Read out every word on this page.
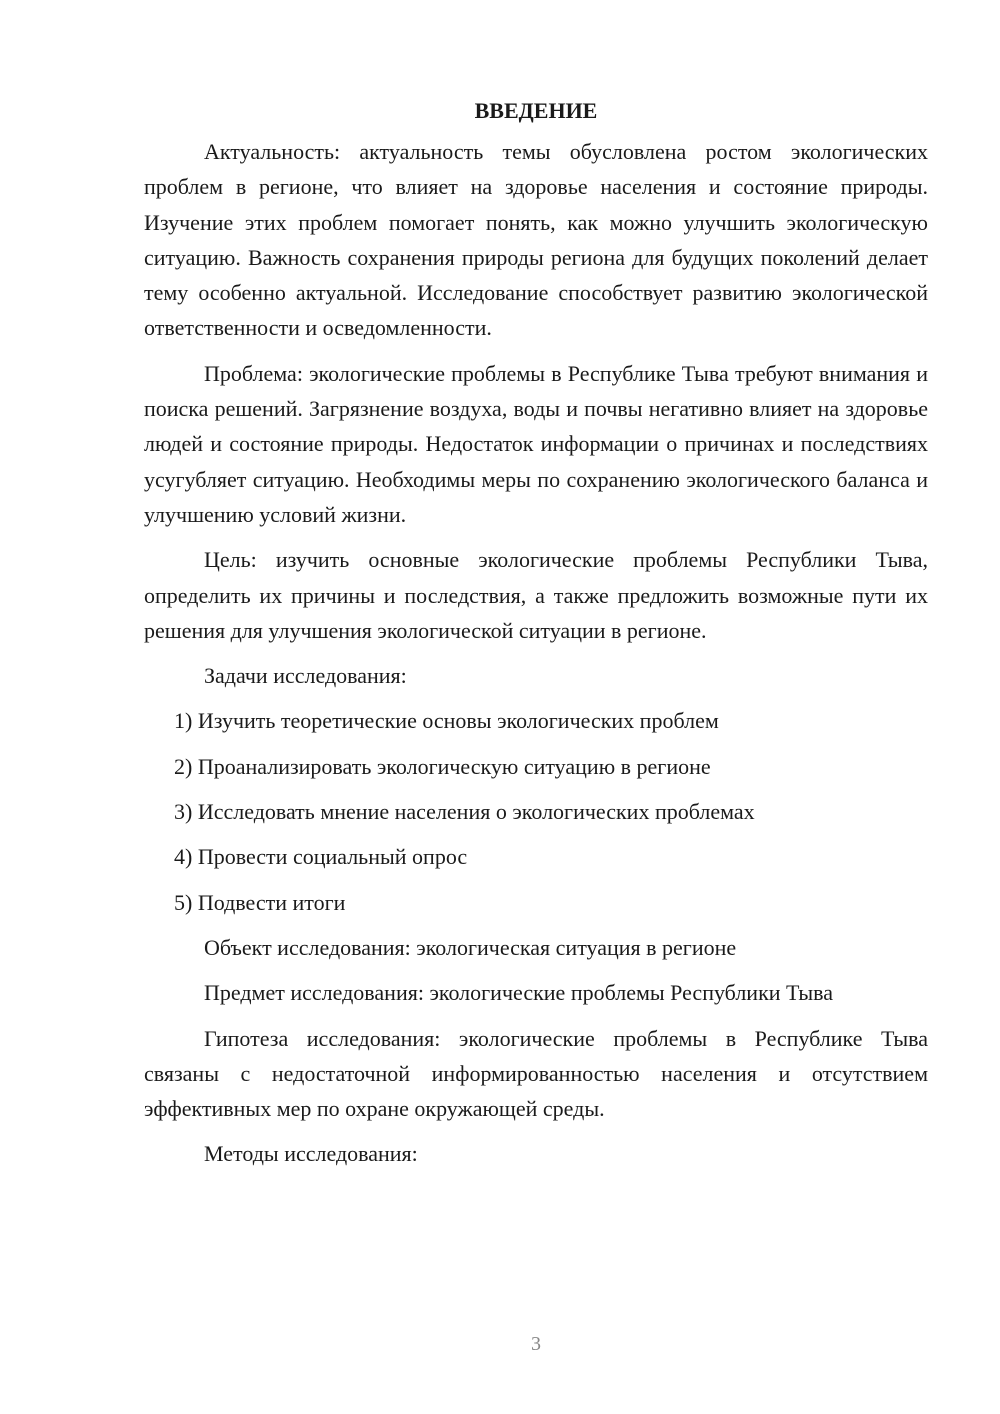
ВВЕДЕНИЕ

Актуальность: актуальность темы обусловлена ростом экологических проблем в регионе, что влияет на здоровье населения и состояние природы. Изучение этих проблем помогает понять, как можно улучшить экологическую ситуацию. Важность сохранения природы региона для будущих поколений делает тему особенно актуальной. Исследование способствует развитию экологической ответственности и осведомленности.

Проблема: экологические проблемы в Республике Тыва требуют внимания и поиска решений. Загрязнение воздуха, воды и почвы негативно влияет на здоровье людей и состояние природы. Недостаток информации о причинах и последствиях усугубляет ситуацию. Необходимы меры по сохранению экологического баланса и улучшению условий жизни.

Цель: изучить основные экологические проблемы Республики Тыва, определить их причины и последствия, а также предложить возможные пути их решения для улучшения экологической ситуации в регионе.

Задачи исследования:

1) Изучить теоретические основы экологических проблем

2) Проанализировать экологическую ситуацию в регионе

3) Исследовать мнение населения о экологических проблемах

4) Провести социальный опрос

5) Подвести итоги

Объект исследования: экологическая ситуация в регионе

Предмет исследования: экологические проблемы Республики Тыва

Гипотеза исследования: экологические проблемы в Республике Тыва связаны с недостаточной информированностью населения и отсутствием эффективных мер по охране окружающей среды.

Методы исследования:

3
